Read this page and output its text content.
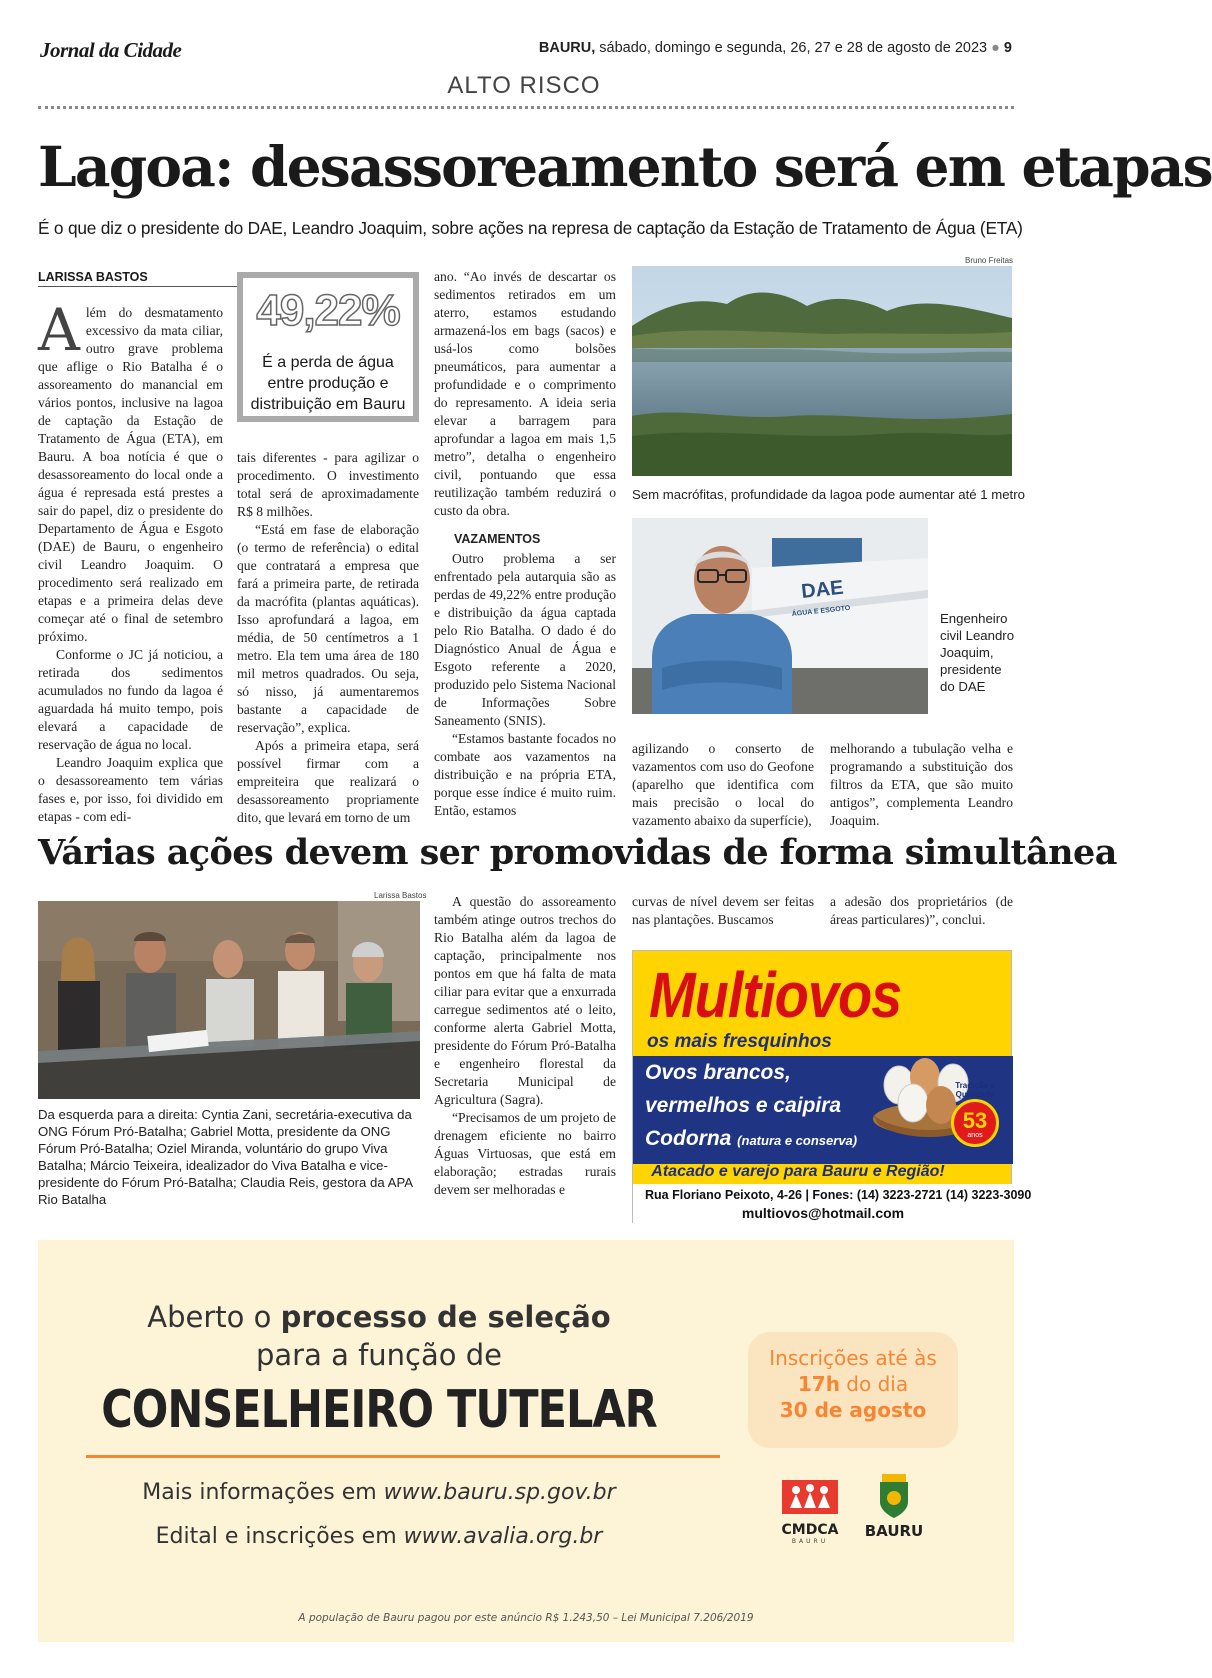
Jornal da Cidade	BAURU, sábado, domingo e segunda, 26, 27 e 28 de agosto de 2023 ● 9
ALTO RISCO
Lagoa: desassoreamento será em etapas
É o que diz o presidente do DAE, Leandro Joaquim, sobre ações na represa de captação da Estação de Tratamento de Água (ETA)
LARISSA BASTOS

Além do desmatamento excessivo da mata ciliar, outro grave problema que aflige o Rio Batalha é o assoreamento do manancial em vários pontos, inclusive na lagoa de captação da Estação de Tratamento de Água (ETA), em Bauru. A boa notícia é que o desassoreamento do local onde a água é represada está prestes a sair do papel, diz o presidente do Departamento de Água e Esgoto (DAE) de Bauru, o engenheiro civil Leandro Joaquim. O procedimento será realizado em etapas e a primeira delas deve começar até o final de setembro próximo.

Conforme o JC já noticiou, a retirada dos sedimentos acumulados no fundo da lagoa é aguardada há muito tempo, pois elevará a capacidade de reservação de água no local.

Leandro Joaquim explica que o desassoreamento tem várias fases e, por isso, foi dividido em etapas - com edi-

49,22%
É a perda de água entre produção e distribuição em Bauru

tais diferentes - para agilizar o procedimento. O investimento total será de aproximadamente R$ 8 milhões.

“Está em fase de elaboração (o termo de referência) o edital que contratará a empresa que fará a primeira parte, de retirada da macrófita (plantas aquáticas). Isso aprofundará a lagoa, em média, de 50 centímetros a 1 metro. Ela tem uma área de 180 mil metros quadrados. Ou seja, só nisso, já aumentaremos bastante a capacidade de reservação”, explica.

Após a primeira etapa, será possível firmar com a empreiteira que realizará o desassoreamento propriamente dito, que levará em torno de um

ano. “Ao invés de descartar os sedimentos retirados em um aterro, estamos estudando armazená-los em bags (sacos) e usá-los como bolsões pneumáticos, para aumentar a profundidade e o comprimento do represamento. A ideia seria elevar a barragem para aprofundar a lagoa em mais 1,5 metro”, detalha o engenheiro civil, pontuando que essa reutilização também reduzirá o custo da obra.

VAZAMENTOS

Outro problema a ser enfrentado pela autarquia são as perdas de 49,22% entre produção e distribuição da água captada pelo Rio Batalha. O dado é do Diagnóstico Anual de Água e Esgoto referente a 2020, produzido pelo Sistema Nacional de Informações Sobre Saneamento (SNIS).

“Estamos bastante focados no combate aos vazamentos na distribuição e na própria ETA, porque esse índice é muito ruim. Então, estamos

Bruno Freitas
Sem macrófitas, profundidade da lagoa pode aumentar até 1 metro
DAE
ÁGUA E ESGOTO	Engenheiro civil Leandro Joaquim, presidente do DAE

agilizando o conserto de vazamentos com uso do Geofone (aparelho que identifica com mais precisão o local do vazamento abaixo da superfície),

melhorando a tubulação velha e programando a substituição dos filtros da ETA, que são muito antigos”, complementa Leandro Joaquim.

Várias ações devem ser promovidas de forma simultânea
Larissa Bastos
Da esquerda para a direita: Cyntia Zani, secretária-executiva da ONG Fórum Pró-Batalha; Gabriel Motta, presidente da ONG Fórum Pró-Batalha; Oziel Miranda, voluntário do grupo Viva Batalha; Márcio Teixeira, idealizador do Viva Batalha e vice-presidente do Fórum Pró-Batalha; Claudia Reis, gestora da APA Rio Batalha

A questão do assoreamento também atinge outros trechos do Rio Batalha além da lagoa de captação, principalmente nos pontos em que há falta de mata ciliar para evitar que a enxurrada carregue sedimentos até o leito, conforme alerta Gabriel Motta, presidente do Fórum Pró-Batalha e engenheiro florestal da Secretaria Municipal de Agricultura (Sagra).

“Precisamos de um projeto de drenagem eficiente no bairro Águas Virtuosas, que está em elaboração; estradas rurais devem ser melhoradas e

curvas de nível devem ser feitas nas plantações. Buscamos

a adesão dos proprietários (de áreas particulares)”, conclui.

Multiovos
os mais fresquinhos
Ovos brancos,
vermelhos e caipira
Codorna (natura e conserva)
Tradição e Qualidade
53
anos
Atacado e varejo para Bauru e Região!
Rua Floriano Peixoto, 4-26 | Fones: (14) 3223-2721 (14) 3223-3090
multiovos@hotmail.com
Aberto o processo de seleção
para a função de
CONSELHEIRO TUTELAR
Mais informações em www.bauru.sp.gov.br
Edital e inscrições em www.avalia.org.br
Inscrições até às
17h do dia
30 de agosto
CMDCA
BAURU
BAURU
A população de Bauru pagou por este anúncio R$ 1.243,50 – Lei Municipal 7.206/2019
